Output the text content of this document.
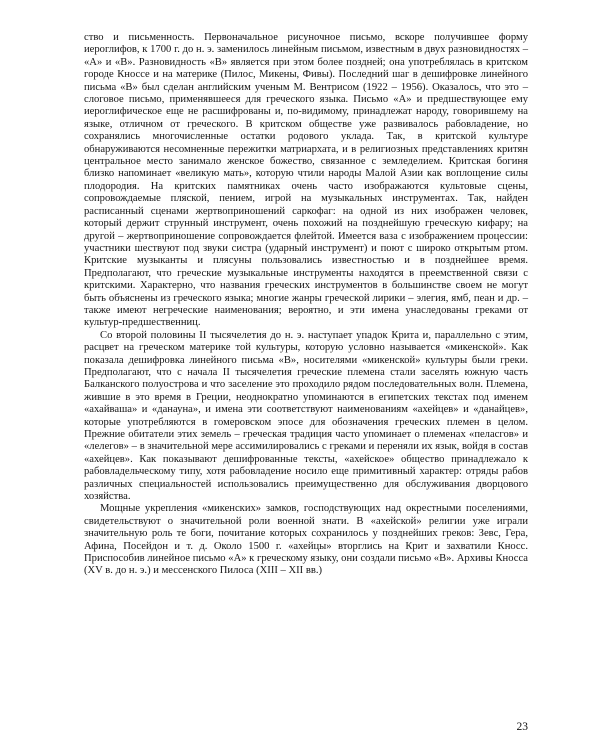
ство и письменность. Первоначальное рисуночное письмо, вскоре получившее форму иероглифов, к 1700 г. до н. э. заменилось линейным письмом, известным в двух разновидностях – «А» и «В». Разновидность «В» является при этом более поздней; она употреблялась в критском городе Кноссе и на материке (Пилос, Микены, Фивы). Последний шаг в дешифровке линейного письма «В» был сделан английским ученым М. Вентрисом (1922 – 1956). Оказалось, что это – слоговое письмо, применявшееся для греческого языка. Письмо «А» и предшествующее ему иероглифическое еще не расшифрованы и, по-видимому, принадлежат народу, говорившему на языке, отличном от греческого. В критском обществе уже развивалось рабовладение, но сохранялись многочисленные остатки родового уклада. Так, в критской культуре обнаруживаются несомненные пережитки матриархата, и в религиозных представлениях критян центральное место занимало женское божество, связанное с земледелием. Критская богиня близко напоминает «великую мать», которую чтили народы Малой Азии как воплощение силы плодородия. На критских памятниках очень часто изображаются культовые сцены, сопровождаемые пляской, пением, игрой на музыкальных инструментах. Так, найден расписанный сценами жертвоприношений саркофаг: на одной из них изображен человек, который держит струнный инструмент, очень похожий на позднейшую греческую кифару; на другой – жертвоприношение сопровождается флейтой. Имеется ваза с изображением процессии: участники шествуют под звуки систра (ударный инструмент) и поют с широко открытым ртом. Критские музыканты и плясуны пользовались известностью и в позднейшее время. Предполагают, что греческие музыкальные инструменты находятся в преемственной связи с критскими. Характерно, что названия греческих инструментов в большинстве своем не могут быть объяснены из греческого языка; многие жанры греческой лирики – элегия, ямб, пеан и др. – также имеют негреческие наименования; вероятно, и эти имена унаследованы греками от культур-предшественниц.

Со второй половины II тысячелетия до н. э. наступает упадок Крита и, параллельно с этим, расцвет на греческом материке той культуры, которую условно называется «микенской». Как показала дешифровка линейного письма «В», носителями «микенской» культуры были греки. Предполагают, что с начала II тысячелетия греческие племена стали заселять южную часть Балканского полуострова и что заселение это проходило рядом последовательных волн. Племена, жившие в это время в Греции, неоднократно упоминаются в египетских текстах под именем «ахайваша» и «данауна», и имена эти соответствуют наименованиям «ахейцев» и «данайцев», которые употребляются в гомеровском эпосе для обозначения греческих племен в целом. Прежние обитатели этих земель – греческая традиция часто упоминает о племенах «пеласгов» и «лелегов» – в значительной мере ассимилировались с греками и переняли их язык, войдя в состав «ахейцев». Как показывают дешифрованные тексты, «ахейское» общество принадлежало к рабовладельческому типу, хотя рабовладение носило еще примитивный характер: отряды рабов различных специальностей использовались преимущественно для обслуживания дворцового хозяйства.

Мощные укрепления «микенских» замков, господствующих над окрестными поселениями, свидетельствуют о значительной роли военной знати. В «ахейской» религии уже играли значительную роль те боги, почитание которых сохранилось у позднейших греков: Зевс, Гера, Афина, Посейдон и т. д. Около 1500 г. «ахейцы» вторглись на Крит и захватили Кносс. Приспособив линейное письмо «А» к греческому языку, они создали письмо «В». Архивы Кносса (XV в. до н. э.) и мессенского Пилоса (XIII – XII вв.)

23
